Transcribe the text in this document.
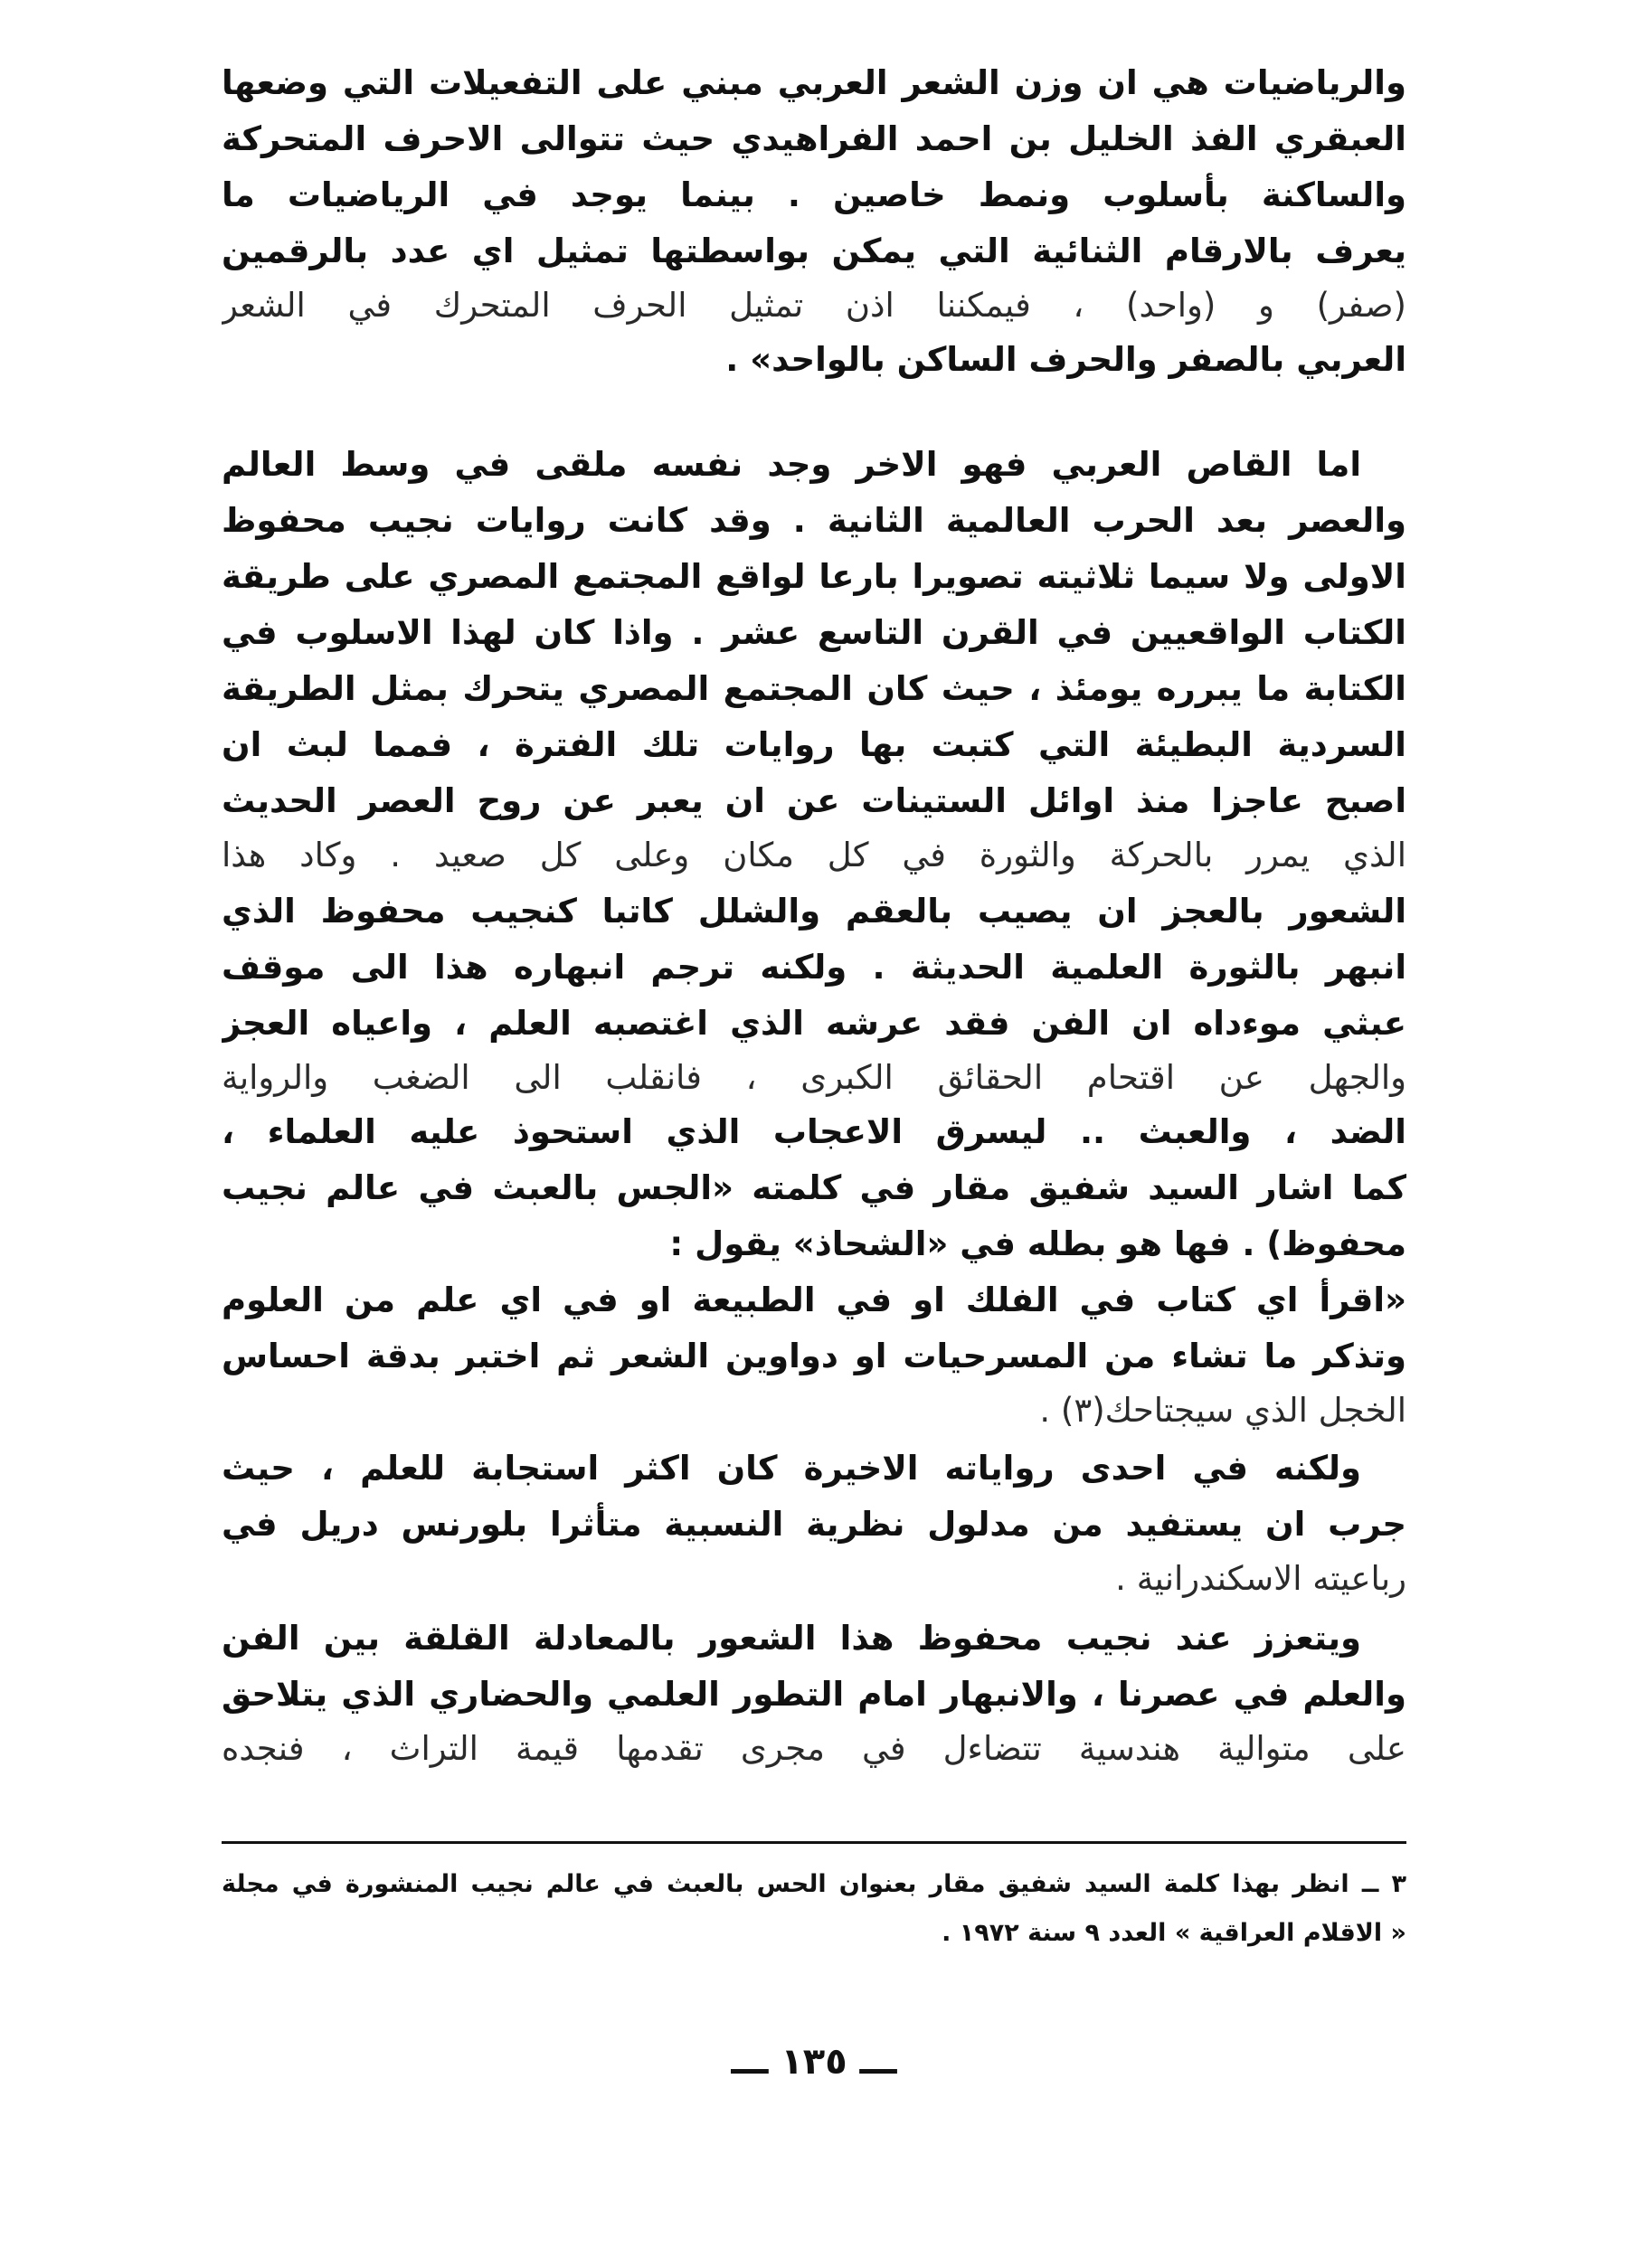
والرياضيات هي ان وزن الشعر العربي مبني على التفعيلات التي وضعها
العبقري الفذ الخليل بن احمد الفراهيدي حيث تتوالى الاحرف المتحركة
والساكنة بأسلوب ونمط خاصين . بينما يوجد في الرياضيات ما
يعرف بالارقام الثنائية التي يمكن بواسطتها تمثيل اي عدد بالرقمين
(صفر) و (واحد) ، فيمكننا اذن تمثيل الحرف المتحرك في الشعر
العربي بالصفر والحرف الساكن بالواحد» .
اما القاص العربي فهو الاخر وجد نفسه ملقى في وسط العالم
والعصر بعد الحرب العالمية الثانية . وقد كانت روايات نجيب محفوظ
الاولى ولا سيما ثلاثيته تصويرا بارعا لواقع المجتمع المصري على طريقة
الكتاب الواقعيين في القرن التاسع عشر . واذا كان لهذا الاسلوب في
الكتابة ما يبرره يومئذ ، حيث كان المجتمع المصري يتحرك بمثل الطريقة
السردية البطيئة التي كتبت بها روايات تلك الفترة ، فمما لبث ان
اصبح عاجزا منذ اوائل الستينات عن ان يعبر عن روح العصر الحديث
الذي يمرر بالحركة والثورة في كل مكان وعلى كل صعيد . وكاد هذا
الشعور بالعجز ان يصيب بالعقم والشلل كاتبا كنجيب محفوظ الذي
انبهر بالثورة العلمية الحديثة . ولكنه ترجم انبهاره هذا الى موقف
عبثي موءداه ان الفن فقد عرشه الذي اغتصبه العلم ، واعياه العجز
والجهل عن اقتحام الحقائق الكبرى ، فانقلب الى الضغب والرواية
الضد ، والعبث .. ليسرق الاعجاب الذي استحوذ عليه العلماء ،
كما اشار السيد شفيق مقار في كلمته «الجس بالعبث في عالم نجيب
محفوظ) . فها هو بطله في «الشحاذ» يقول :
«اقرأ اي كتاب في الفلك او في الطبيعة او في اي علم من العلوم
وتذكر ما تشاء من المسرحيات او دواوين الشعر ثم اختبر بدقة احساس
الخجل الذي سيجتاحك(٣) .
ولكنه في احدى رواياته الاخيرة كان اكثر استجابة للعلم ، حيث
جرب ان يستفيد من مدلول نظرية النسبية متأثرا بلورنس دريل في
رباعيته الاسكندرانية .
ويتعزز عند نجيب محفوظ هذا الشعور بالمعادلة القلقة بين الفن
والعلم في عصرنا ، والانبهار امام التطور العلمي والحضاري الذي يتلاحق
على متوالية هندسية تتضاءل في مجرى تقدمها قيمة التراث ، فنجده
٣ ــ انظر بهذا كلمة السيد شفيق مقار بعنوان الحس بالعبث في عالم نجيب المنشورة في مجلة
« الاقلام العراقية » العدد ٩ سنة ١٩٧٢ .
ـــ ١٣٥ ـــ
